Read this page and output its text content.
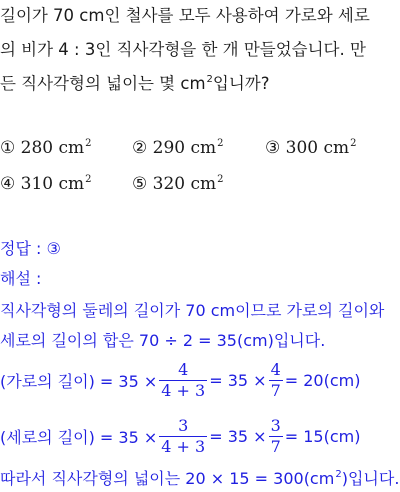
길이가 70 cm인 철사를 모두 사용하여 가로와 세로
의 비가 4 : 3인 직사각형을 한 개 만들었습니다. 만
든 직사각형의 넓이는 몇 $cm^2$입니까?
① 280 $cm^2$ ② 290 $cm^2$ ③ 300 $cm^2$
④ 310 $cm^2$ ⑤ 320 $cm^2$
정답 : ③
해설 :
직사각형의 둘레의 길이가 70 cm이므로 가로의 길이와
세로의 길이의 합은 70 ÷ 2 = 35(cm)입니다.
(가로의 길이) = $35 \times \frac{4}{4 + 3} = 35 \times \frac{4}{7} = 20(cm)$
(세로의 길이) = $35 \times \frac{3}{4 + 3} = 35 \times \frac{3}{7} = 15(cm)$
따라서 직사각형의 넓이는 $20 \times 15 = 300(cm^2)$입니다.
